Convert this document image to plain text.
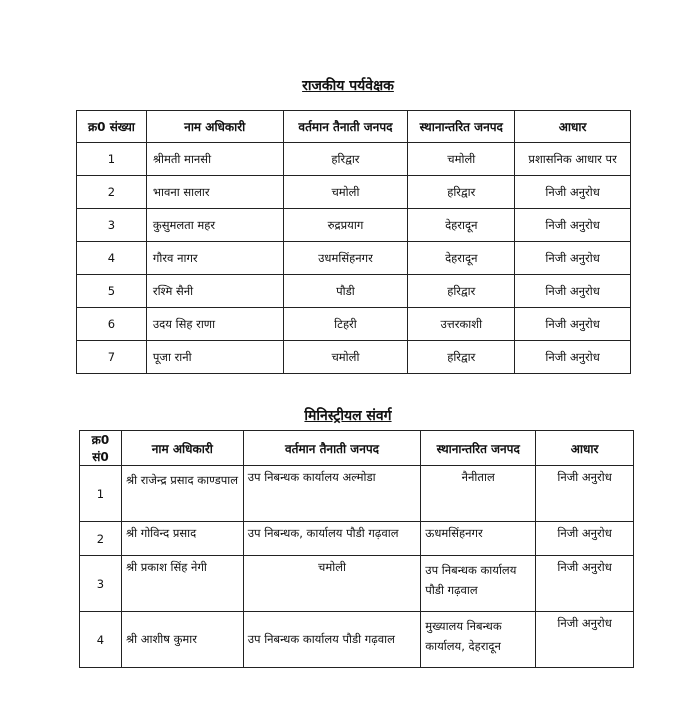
राजकीय पर्यवेक्षक
क्र0 संख्या	नाम अधिकारी	वर्तमान तैनाती जनपद	स्थानान्तरित जनपद	आधार
1	श्रीमती मानसी	हरिद्वार	चमोली	प्रशासनिक आधार पर
2	भावना सालार	चमोली	हरिद्वार	निजी अनुरोध
3	कुसुमलता महर	रुद्रप्रयाग	देहरादून	निजी अनुरोध
4	गौरव नागर	उधमसिंहनगर	देहरादून	निजी अनुरोध
5	रश्मि सैनी	पौडी	हरिद्वार	निजी अनुरोध
6	उदय सिह राणा	टिहरी	उत्तरकाशी	निजी अनुरोध
7	पूजा रानी	चमोली	हरिद्वार	निजी अनुरोध
मिनिस्ट्रीयल संवर्ग
क्र0 सं0	नाम अधिकारी	वर्तमान तैनाती जनपद	स्थानान्तरित जनपद	आधार
1	श्री राजेन्द्र प्रसाद काण्डपाल	उप निबन्धक कार्यालय अल्मोडा	नैनीताल	निजी अनुरोध
2	श्री गोविन्द प्रसाद	उप निबन्धक, कार्यालय पौडी गढ़वाल	ऊधमसिंहनगर	निजी अनुरोध
3	श्री प्रकाश सिंह नेगी	चमोली	उप निबन्धक कार्यालय पौडी गढ़वाल	निजी अनुरोध
4	श्री आशीष कुमार	उप निबन्धक कार्यालय पौडी गढ़वाल	मुख्यालय निबन्धक कार्यालय, देहरादून	निजी अनुरोध
